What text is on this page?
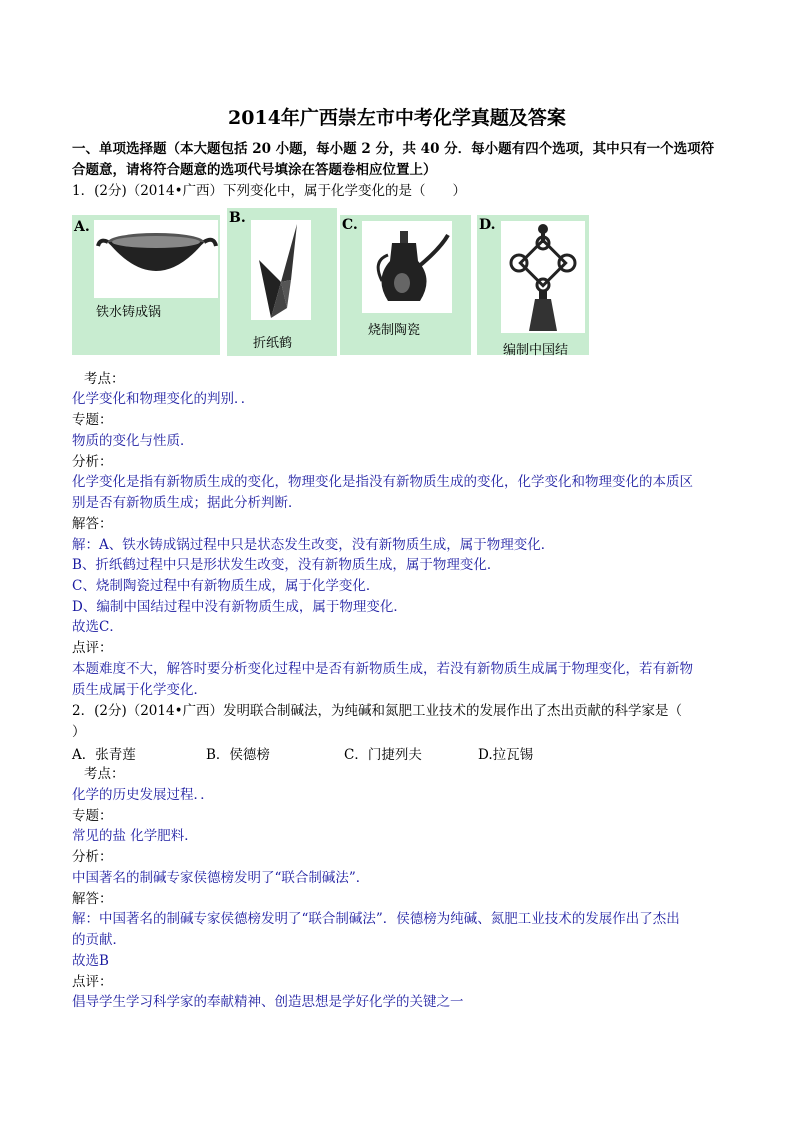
2014年广西崇左市中考化学真题及答案
一、单项选择题（本大题包括 20 小题，每小题 2 分，共 40 分．每小题有四个选项，其中只有一个选项符
合题意，请将符合题意的选项代号填涂在答题卷相应位置上）
1．(2分)（2014•广西）下列变化中，属于化学变化的是（　　）
A.
铁水铸成锅
B.
折纸鹤
C.
烧制陶瓷
D.
编制中国结
考点：
化学变化和物理变化的判别．．
专题：
物质的变化与性质．
分析：
化学变化是指有新物质生成的变化，物理变化是指没有新物质生成的变化，化学变化和物理变化的本质区
别是否有新物质生成；据此分析判断．
解答：
解：A、铁水铸成锅过程中只是状态发生改变，没有新物质生成，属于物理变化．
B、折纸鹤过程中只是形状发生改变，没有新物质生成，属于物理变化．
C、烧制陶瓷过程中有新物质生成，属于化学变化．
D、编制中国结过程中没有新物质生成，属于物理变化．
故选C．
点评：
本题难度不大，解答时要分析变化过程中是否有新物质生成，若没有新物质生成属于物理变化，若有新物
质生成属于化学变化．
2．(2分)（2014•广西）发明联合制碱法，为纯碱和氮肥工业技术的发展作出了杰出贡献的科学家是（
）
A．张青莲	B．侯德榜	C．门捷列夫	D.拉瓦锡
考点：
化学的历史发展过程．．
专题：
常见的盐 化学肥料．
分析：
中国著名的制碱专家侯德榜发明了“联合制碱法”．
解答：
解：中国著名的制碱专家侯德榜发明了“联合制碱法”．侯德榜为纯碱、氮肥工业技术的发展作出了杰出
的贡献．
故选B
点评：
倡导学生学习科学家的奉献精神、创造思想是学好化学的关键之一
